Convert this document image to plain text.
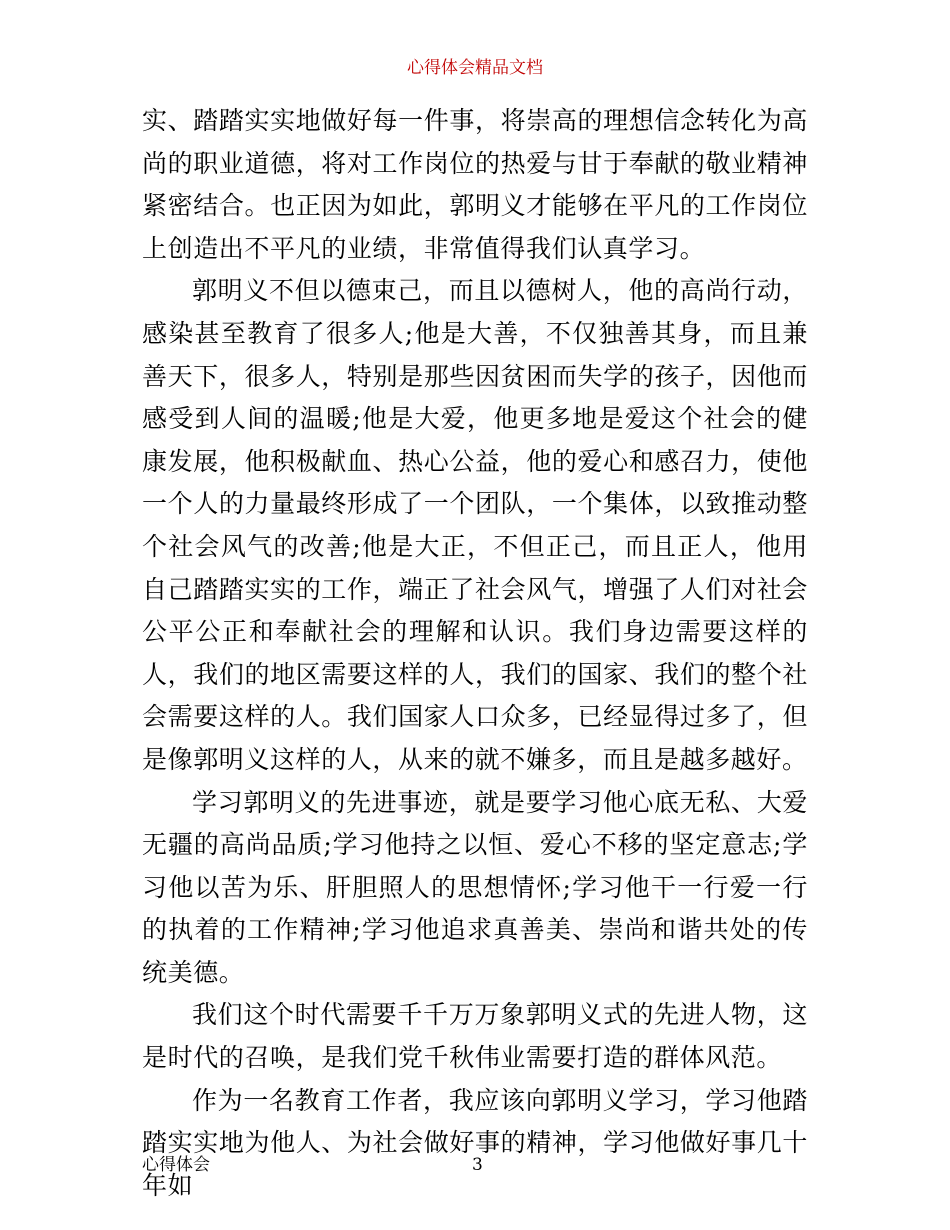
心得体会精品文档

实、踏踏实实地做好每一件事，将崇高的理想信念转化为高尚的职业道德，将对工作岗位的热爱与甘于奉献的敬业精神紧密结合。也正因为如此，郭明义才能够在平凡的工作岗位上创造出不平凡的业绩，非常值得我们认真学习。

郭明义不但以德束己，而且以德树人，他的高尚行动，感染甚至教育了很多人;他是大善，不仅独善其身，而且兼善天下，很多人，特别是那些因贫困而失学的孩子，因他而感受到人间的温暖;他是大爱，他更多地是爱这个社会的健康发展，他积极献血、热心公益，他的爱心和感召力，使他一个人的力量最终形成了一个团队，一个集体，以致推动整个社会风气的改善;他是大正，不但正己，而且正人，他用自己踏踏实实的工作，端正了社会风气，增强了人们对社会公平公正和奉献社会的理解和认识。我们身边需要这样的人，我们的地区需要这样的人，我们的国家、我们的整个社会需要这样的人。我们国家人口众多，已经显得过多了，但是像郭明义这样的人，从来的就不嫌多，而且是越多越好。

学习郭明义的先进事迹，就是要学习他心底无私、大爱无疆的高尚品质;学习他持之以恒、爱心不移的坚定意志;学习他以苦为乐、肝胆照人的思想情怀;学习他干一行爱一行的执着的工作精神;学习他追求真善美、崇尚和谐共处的传统美德。

我们这个时代需要千千万万象郭明义式的先进人物，这是时代的召唤，是我们党千秋伟业需要打造的群体风范。

作为一名教育工作者，我应该向郭明义学习，学习他踏踏实实地为他人、为社会做好事的精神，学习他做好事几十年如

心得体会	3
